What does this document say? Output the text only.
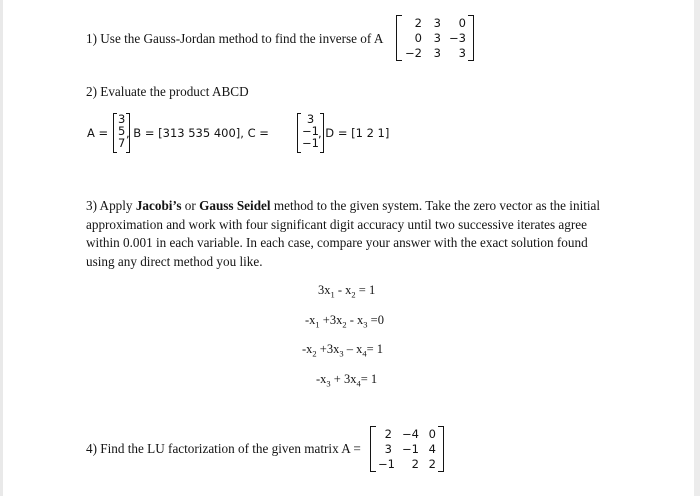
1) Use the Gauss-Jordan method to find the inverse of A
2	3	0
0	3 −3
−2	3	3
2) Evaluate the product ABCD
A =
3
5
7
, B = [313 535 400], C =
3
−1
−1
, D = [1 2 1]
3) Apply Jacobi’s or Gauss Seidel method to the given system. Take the zero vector as the initial approximation and work with four significant digit accuracy until two successive iterates agree within 0.001 in each variable. In each case, compare your answer with the exact solution found using any direct method you like.
$3x_1 - x_2 = 1$
$-x_1 +3x_2 - x_3 =0$
$-x_2 +3x_3 - x_4= 1$
$-x_3 + 3x_4= 1$
4) Find the LU factorization of the given matrix A =
2 −4 0
3 −1 4
−1	2 2
